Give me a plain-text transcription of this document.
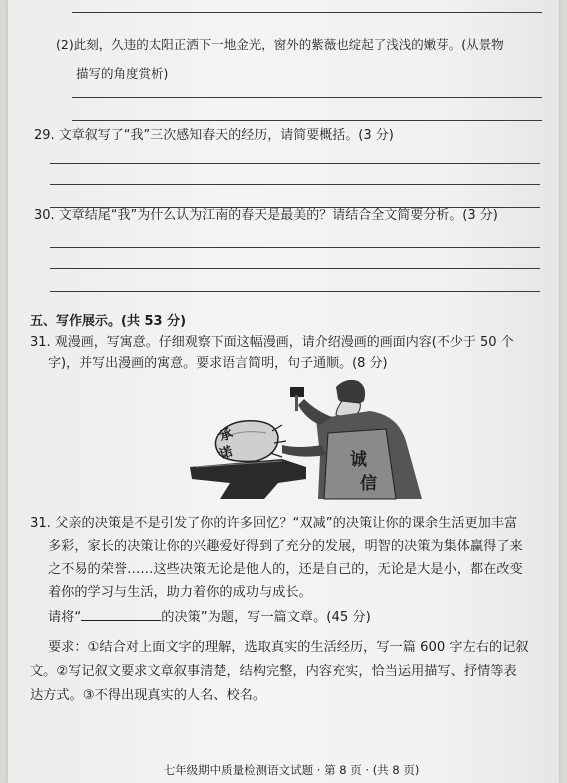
(2)此刻，久违的太阳正洒下一地金光，窗外的紫薇也绽起了浅浅的嫩芽。(从景物
描写的角度赏析)
29. 文章叙写了“我”三次感知春天的经历，请简要概括。(3 分)
30. 文章结尾“我”为什么认为江南的春天是最美的？请结合全文简要分析。(3 分)
五、写作展示。(共 53 分)
31. 观漫画，写寓意。仔细观察下面这幅漫画，请介绍漫画的画面内容(不少于 50 个
字)，并写出漫画的寓意。要求语言简明，句子通顺。(8 分)
承
诺	诚
信
31. 父亲的决策是不是引发了你的许多回忆？“双减”的决策让你的课余生活更加丰富
多彩，家长的决策让你的兴趣爱好得到了充分的发展，明智的决策为集体赢得了来
之不易的荣誉……这些决策无论是他人的，还是自己的，无论是大是小，都在改变
着你的学习与生活，助力着你的成功与成长。
请将“	的决策”为题，写一篇文章。(45 分)
要求：①结合对上面文字的理解，选取真实的生活经历，写一篇 600 字左右的记叙
文。②写记叙文要求文章叙事清楚，结构完整，内容充实，恰当运用描写、抒情等表
达方式。③不得出现真实的人名、校名。
七年级期中质量检测语文试题 · 第 8 页 · (共 8 页)
